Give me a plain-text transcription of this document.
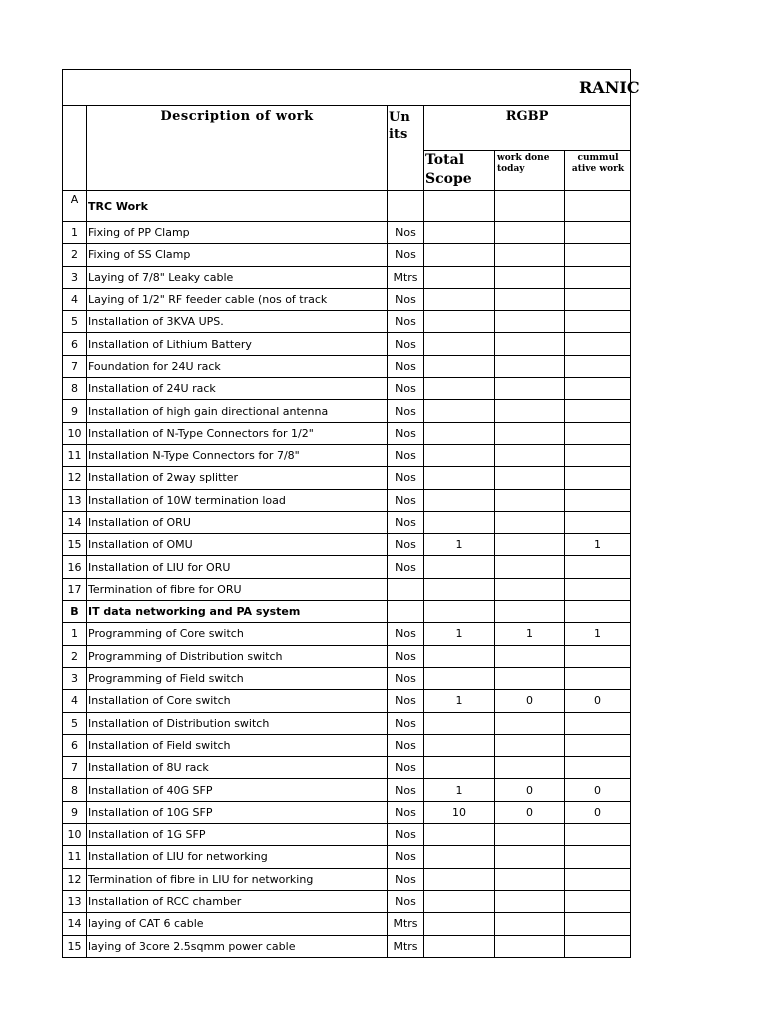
RANIC					
	Description of work	Un its	RGBP		
			Total Scope	work done today	cummul ative work
A	TRC Work				
1	Fixing of PP Clamp	Nos			
2	Fixing of SS Clamp	Nos			
3	Laying of 7/8" Leaky cable	Mtrs			
4	Laying of 1/2" RF feeder cable (nos of track	Nos			
5	Installation of 3KVA UPS.	Nos			
6	Installation of Lithium Battery	Nos			
7	Foundation for 24U rack	Nos			
8	Installation of 24U rack	Nos			
9	Installation of high gain directional antenna	Nos			
10	Installation of N-Type Connectors for 1/2"	Nos			
11	Installation N-Type Connectors for 7/8"	Nos			
12	Installation of 2way splitter	Nos			
13	Installation of 10W termination load	Nos			
14	Installation of ORU	Nos			
15	Installation of OMU	Nos	1		1
16	Installation of LIU for ORU	Nos			
17	Termination of fibre for ORU				
B	IT data networking and PA system				
1	Programming of Core switch	Nos	1	1	1
2	Programming of Distribution switch	Nos			
3	Programming of Field switch	Nos			
4	Installation of Core switch	Nos	1	0	0
5	Installation of Distribution switch	Nos			
6	Installation of Field switch	Nos			
7	Installation of 8U rack	Nos			
8	Installation of 40G SFP	Nos	1	0	0
9	Installation of 10G SFP	Nos	10	0	0
10	Installation of 1G SFP	Nos			
11	Installation of LIU for networking	Nos			
12	Termination of fibre in LIU for networking	Nos			
13	Installation of RCC chamber	Nos			
14	laying of CAT 6 cable	Mtrs			
15	laying of 3core 2.5sqmm power cable	Mtrs			
